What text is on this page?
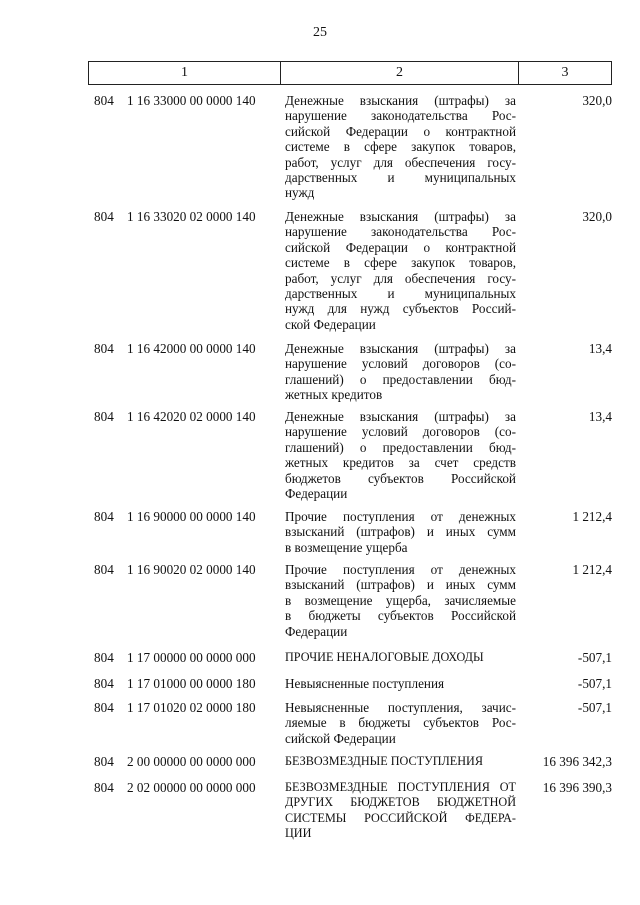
25
1	2	3
804 1 16 33000 00 0000 140 Денежные взыскания (штрафы) за
нарушение законодательства Рос-
сийской Федерации о контрактной
системе в сфере закупок товаров,
работ, услуг для обеспечения госу-
дарственных и муниципальных
нужд
320,0
804 1 16 33020 02 0000 140 Денежные взыскания (штрафы) за
нарушение законодательства Рос-
сийской Федерации о контрактной
системе в сфере закупок товаров,
работ, услуг для обеспечения госу-
дарственных и муниципальных
нужд для нужд субъектов Россий-
ской Федерации
320,0
804 1 16 42000 00 0000 140 Денежные взыскания (штрафы) за
нарушение условий договоров (со-
глашений) о предоставлении бюд-
жетных кредитов
13,4
804 1 16 42020 02 0000 140 Денежные взыскания (штрафы) за
нарушение условий договоров (со-
глашений) о предоставлении бюд-
жетных кредитов за счет средств
бюджетов субъектов Российской
Федерации
13,4
804 1 16 90000 00 0000 140 Прочие поступления от денежных
взысканий (штрафов) и иных сумм
в возмещение ущерба
1 212,4
804 1 16 90020 02 0000 140 Прочие поступления от денежных
взысканий (штрафов) и иных сумм
в возмещение ущерба, зачисляемые
в бюджеты субъектов Российской
Федерации
1 212,4
804 1 17 00000 00 0000 000 ПРОЧИЕ НЕНАЛОГОВЫЕ ДОХОДЫ	-507,1
804 1 17 01000 00 0000 180 Невыясненные поступления	-507,1
804 1 17 01020 02 0000 180 Невыясненные поступления, зачис-
ляемые в бюджеты субъектов Рос-
сийской Федерации
-507,1
804 2 00 00000 00 0000 000 БЕЗВОЗМЕЗДНЫЕ ПОСТУПЛЕНИЯ	16 396 342,3
804 2 02 00000 00 0000 000 БЕЗВОЗМЕЗДНЫЕ ПОСТУПЛЕНИЯ ОТ
ДРУГИХ БЮДЖЕТОВ БЮДЖЕТНОЙ
СИСТЕМЫ РОССИЙСКОЙ ФЕДЕРА-
ЦИИ
16 396 390,3
